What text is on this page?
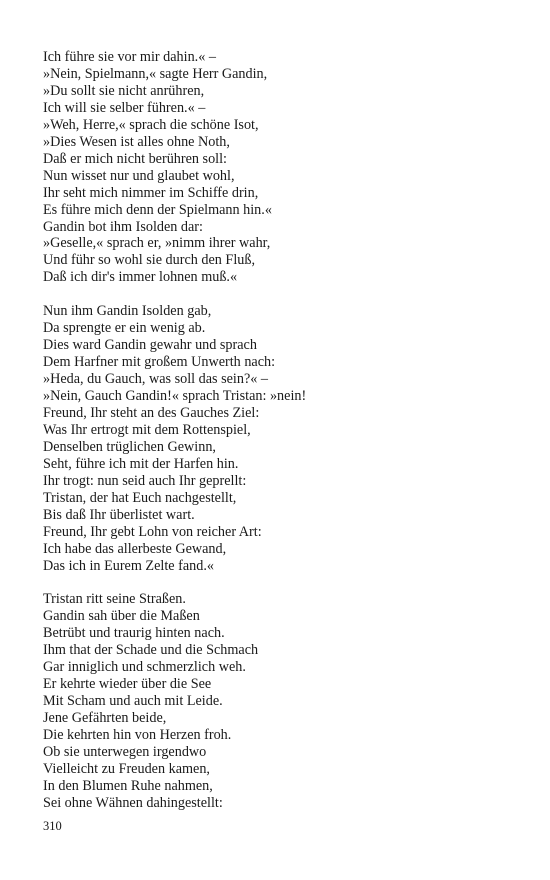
Ich führe sie vor mir dahin.« –
»Nein, Spielmann,« sagte Herr Gandin,
»Du sollt sie nicht anrühren,
Ich will sie selber führen.« –
»Weh, Herre,« sprach die schöne Isot,
»Dies Wesen ist alles ohne Noth,
Daß er mich nicht berühren soll:
Nun wisset nur und glaubet wohl,
Ihr seht mich nimmer im Schiffe drin,
Es führe mich denn der Spielmann hin.«
Gandin bot ihm Isolden dar:
»Geselle,« sprach er, »nimm ihrer wahr,
Und führ so wohl sie durch den Fluß,
Daß ich dir's immer lohnen muß.«
Nun ihm Gandin Isolden gab,
Da sprengte er ein wenig ab.
Dies ward Gandin gewahr und sprach
Dem Harfner mit großem Unwerth nach:
»Heda, du Gauch, was soll das sein?« –
»Nein, Gauch Gandin!« sprach Tristan: »nein!
Freund, Ihr steht an des Gauches Ziel:
Was Ihr ertrogt mit dem Rottenspiel,
Denselben trüglichen Gewinn,
Seht, führe ich mit der Harfen hin.
Ihr trogt: nun seid auch Ihr geprellt:
Tristan, der hat Euch nachgestellt,
Bis daß Ihr überlistet wart.
Freund, Ihr gebt Lohn von reicher Art:
Ich habe das allerbeste Gewand,
Das ich in Eurem Zelte fand.«
Tristan ritt seine Straßen.
Gandin sah über die Maßen
Betrübt und traurig hinten nach.
Ihm that der Schade und die Schmach
Gar inniglich und schmerzlich weh.
Er kehrte wieder über die See
Mit Scham und auch mit Leide.
Jene Gefährten beide,
Die kehrten hin von Herzen froh.
Ob sie unterwegen irgendwo
Vielleicht zu Freuden kamen,
In den Blumen Ruhe nahmen,
Sei ohne Wähnen dahingestellt:
310
